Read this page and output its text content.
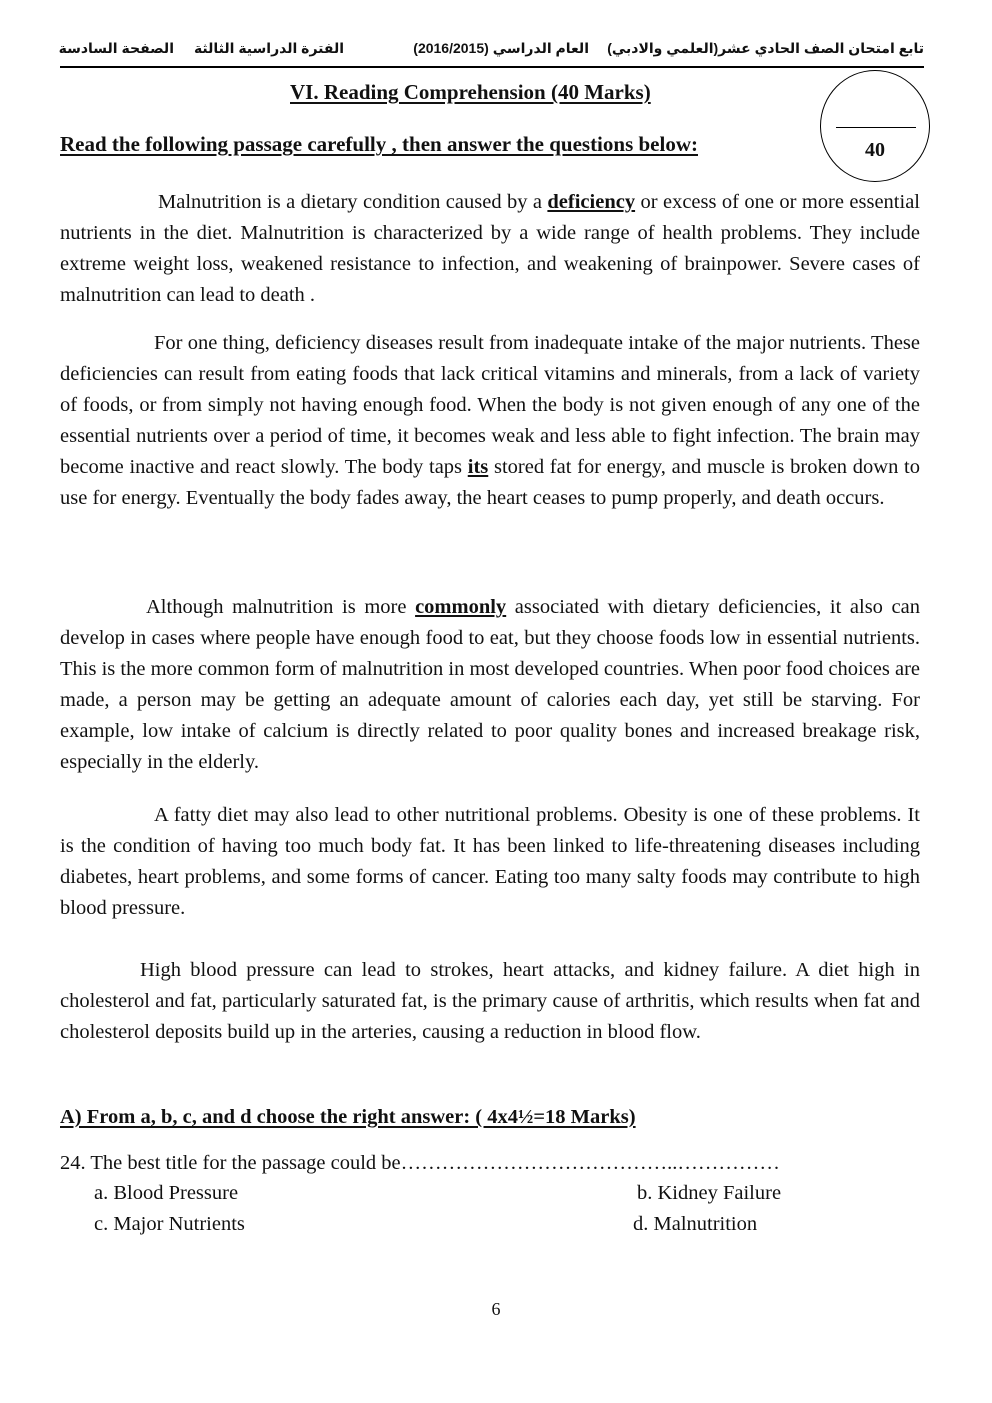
تابع امتحان الصف الحادي عشر(العلمي والادبي)
العام الدراسي (2016/2015)
الفترة الدراسية الثالثة
الصفحة السادسة
VI. Reading Comprehension (40 Marks)
40
Read the following passage carefully , then answer the questions below:

Malnutrition is a dietary condition caused by a deficiency or excess of one or more essential nutrients in the diet. Malnutrition is characterized by a wide range of health problems. They include extreme weight loss, weakened resistance to infection, and weakening of brainpower. Severe cases of malnutrition can lead to death .

For one thing, deficiency diseases result from inadequate intake of the major nutrients. These deficiencies can result from eating foods that lack critical vitamins and minerals, from a lack of variety of foods, or from simply not having enough food. When the body is not given enough of any one of the essential nutrients over a period of time, it becomes weak and less able to fight infection. The brain may become inactive and react slowly. The body taps its stored fat for energy, and muscle is broken down to use for energy. Eventually the body fades away, the heart ceases to pump properly, and death occurs.

Although malnutrition is more commonly associated with dietary deficiencies, it also can develop in cases where people have enough food to eat, but they choose foods low in essential nutrients. This is the more common form of malnutrition in most developed countries. When poor food choices are made, a person may be getting an adequate amount of calories each day, yet still be starving. For example, low intake of calcium is directly related to poor quality bones and increased breakage risk, especially in the elderly.

A fatty diet may also lead to other nutritional problems. Obesity is one of these problems. It is the condition of having too much body fat. It has been linked to life-threatening diseases including diabetes, heart problems, and some forms of cancer. Eating too many salty foods may contribute to high blood pressure.

High blood pressure can lead to strokes, heart attacks, and kidney failure. A diet high in cholesterol and fat, particularly saturated fat, is the primary cause of arthritis, which results when fat and cholesterol deposits build up in the arteries, causing a reduction in blood flow.

A) From a, b, c, and d choose the right answer: ( 4x4½=18 Marks)
24. The best title for the passage could be…………………………………..……………
a. Blood Pressure	b. Kidney Failure
c. Major Nutrients	d. Malnutrition
6
